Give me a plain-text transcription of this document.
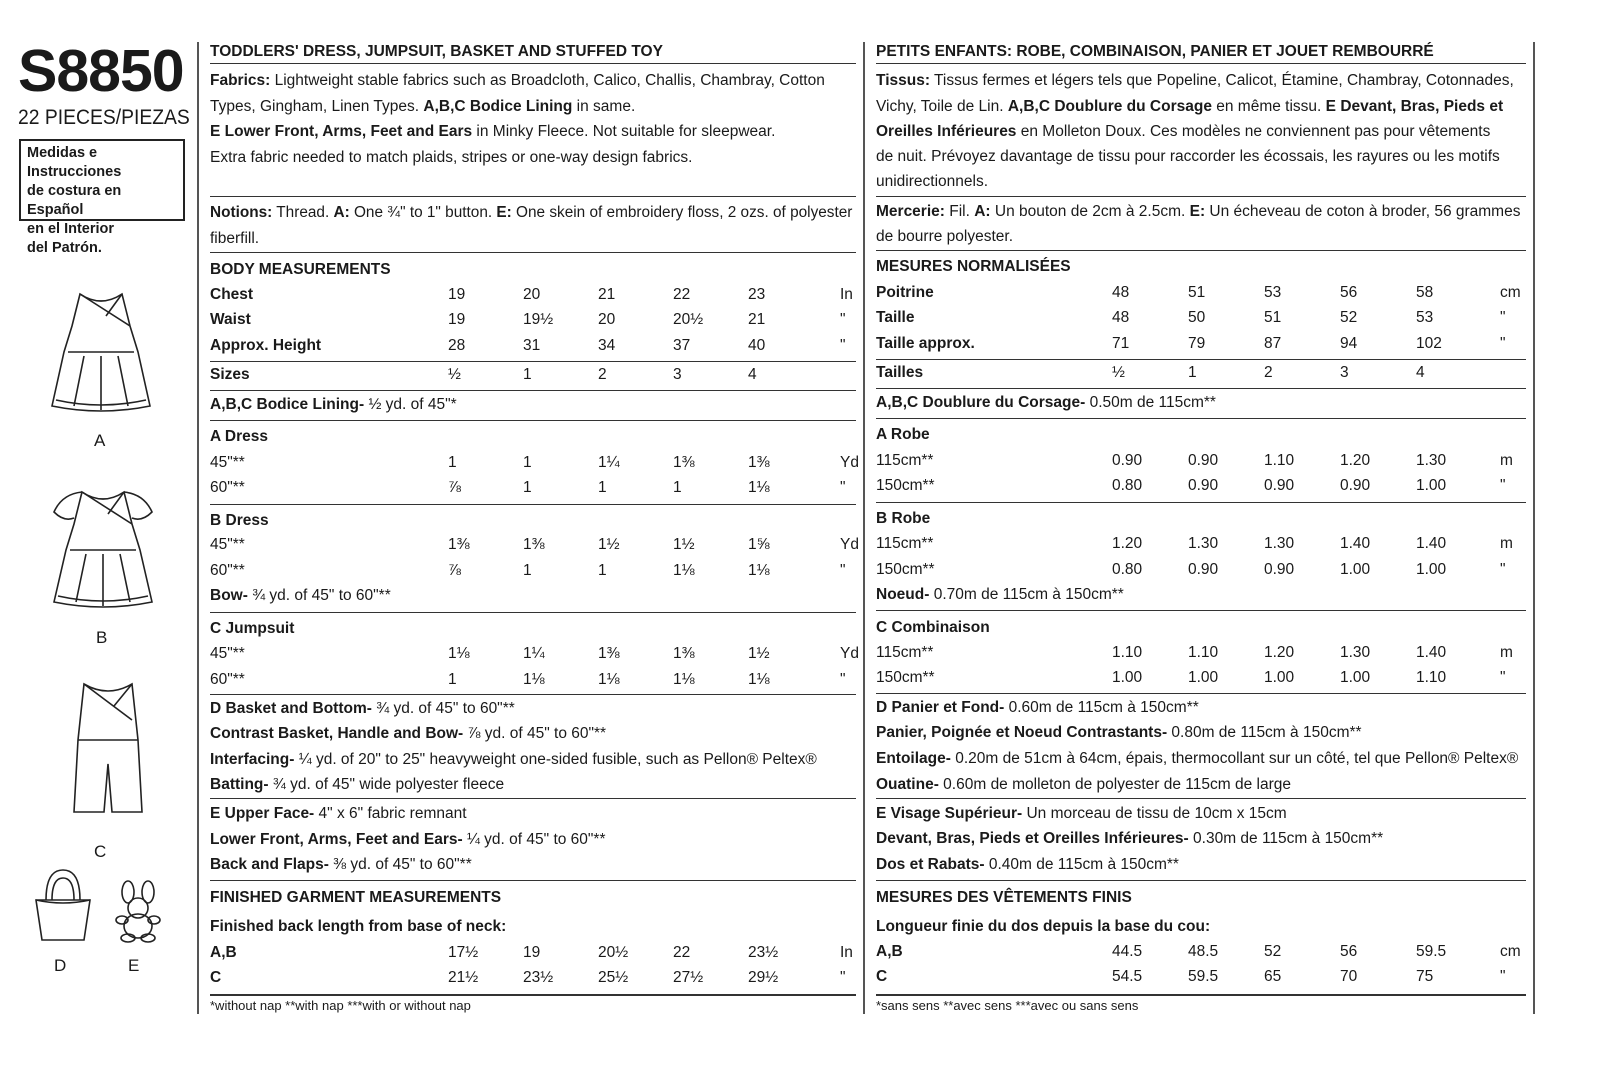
S8850
22 PIECES/PIEZAS
Medidas e Instrucciones
de costura en Español
en el Interior
del Patrón.
A
B
C
D	E
TODDLERS' DRESS, JUMPSUIT, BASKET AND STUFFED TOY
Fabrics: Lightweight stable fabrics such as Broadcloth, Calico, Challis, Chambray, Cotton
Types, Gingham, Linen Types. A,B,C Bodice Lining in same.
E Lower Front, Arms, Feet and Ears in Minky Fleece. Not suitable for sleepwear.
Extra fabric needed to match plaids, stripes or one-way design fabrics.
Notions: Thread. A: One ¾" to 1" button. E: One skein of embroidery floss, 2 ozs. of polyester
fiberfill.
BODY MEASUREMENTS
A,B,C Bodice Lining- ½ yd. of 45"*
A Dress
B Dress
Bow- ¾ yd. of 45" to 60"**
C Jumpsuit
D Basket and Bottom- ¾ yd. of 45" to 60"**
Contrast Basket, Handle and Bow- ⅞ yd. of 45" to 60"**
Interfacing- ¼ yd. of 20" to 25" heavyweight one-sided fusible, such as Pellon® Peltex®
Batting- ¾ yd. of 45" wide polyester fleece
E Upper Face- 4" x 6" fabric remnant
Lower Front, Arms, Feet and Ears- ¼ yd. of 45" to 60"**
Back and Flaps- ⅜ yd. of 45" to 60"**
FINISHED GARMENT MEASUREMENTS
Finished back length from base of neck:
*without nap **with nap ***with or without nap
Chest	19	20	21	22	23	In
Waist	19	19½	20	20½	21	"
Approx. Height	28	31	34	37	40	"
Sizes	½	1	2	3	4
45"**	1	1	1¼	1⅜	1⅜	Yd
60"**	⅞	1	1	1	1⅛	"
45"**	1⅜	1⅜	1½	1½	1⅝	Yd
60"**	⅞	1	1	1⅛	1⅛	"
45"**	1⅛	1¼	1⅜	1⅜	1½	Yd
60"**	1	1⅛	1⅛	1⅛	1⅛	"
A,B	17½	19	20½	22	23½	In
C	21½	23½	25½	27½	29½	"
PETITS ENFANTS: ROBE, COMBINAISON, PANIER ET JOUET REMBOURRÉ
Tissus: Tissus fermes et légers tels que Popeline, Calicot, Étamine, Chambray, Cotonnades,
Vichy, Toile de Lin. A,B,C Doublure du Corsage en même tissu. E Devant, Bras, Pieds et
Oreilles Inférieures en Molleton Doux. Ces modèles ne conviennent pas pour vêtements
de nuit. Prévoyez davantage de tissu pour raccorder les écossais, les rayures ou les motifs
unidirectionnels.
Mercerie: Fil. A: Un bouton de 2cm à 2.5cm. E: Un écheveau de coton à broder, 56 grammes
de bourre polyester.
MESURES NORMALISÉES
A,B,C Doublure du Corsage- 0.50m de 115cm**
A Robe
B Robe
Noeud- 0.70m de 115cm à 150cm**
C Combinaison
D Panier et Fond- 0.60m de 115cm à 150cm**
Panier, Poignée et Noeud Contrastants- 0.80m de 115cm à 150cm**
Entoilage- 0.20m de 51cm à 64cm, épais, thermocollant sur un côté, tel que Pellon® Peltex®
Ouatine- 0.60m de molleton de polyester de 115cm de large
E Visage Supérieur- Un morceau de tissu de 10cm x 15cm
Devant, Bras, Pieds et Oreilles Inférieures- 0.30m de 115cm à 150cm**
Dos et Rabats- 0.40m de 115cm à 150cm**
MESURES DES VÊTEMENTS FINIS
Longueur finie du dos depuis la base du cou:
*sans sens **avec sens ***avec ou sans sens
Poitrine	48	51	53	56	58	cm
Taille	48	50	51	52	53	"
Taille approx.	71	79	87	94	102	"
Tailles	½	1	2	3	4
115cm**	0.90	0.90	1.10	1.20	1.30	m
150cm**	0.80	0.90	0.90	0.90	1.00	"
115cm**	1.20	1.30	1.30	1.40	1.40	m
150cm**	0.80	0.90	0.90	1.00	1.00	"
115cm**	1.10	1.10	1.20	1.30	1.40	m
150cm**	1.00	1.00	1.00	1.00	1.10	"
A,B	44.5	48.5	52	56	59.5	cm
C	54.5	59.5	65	70	75	"
